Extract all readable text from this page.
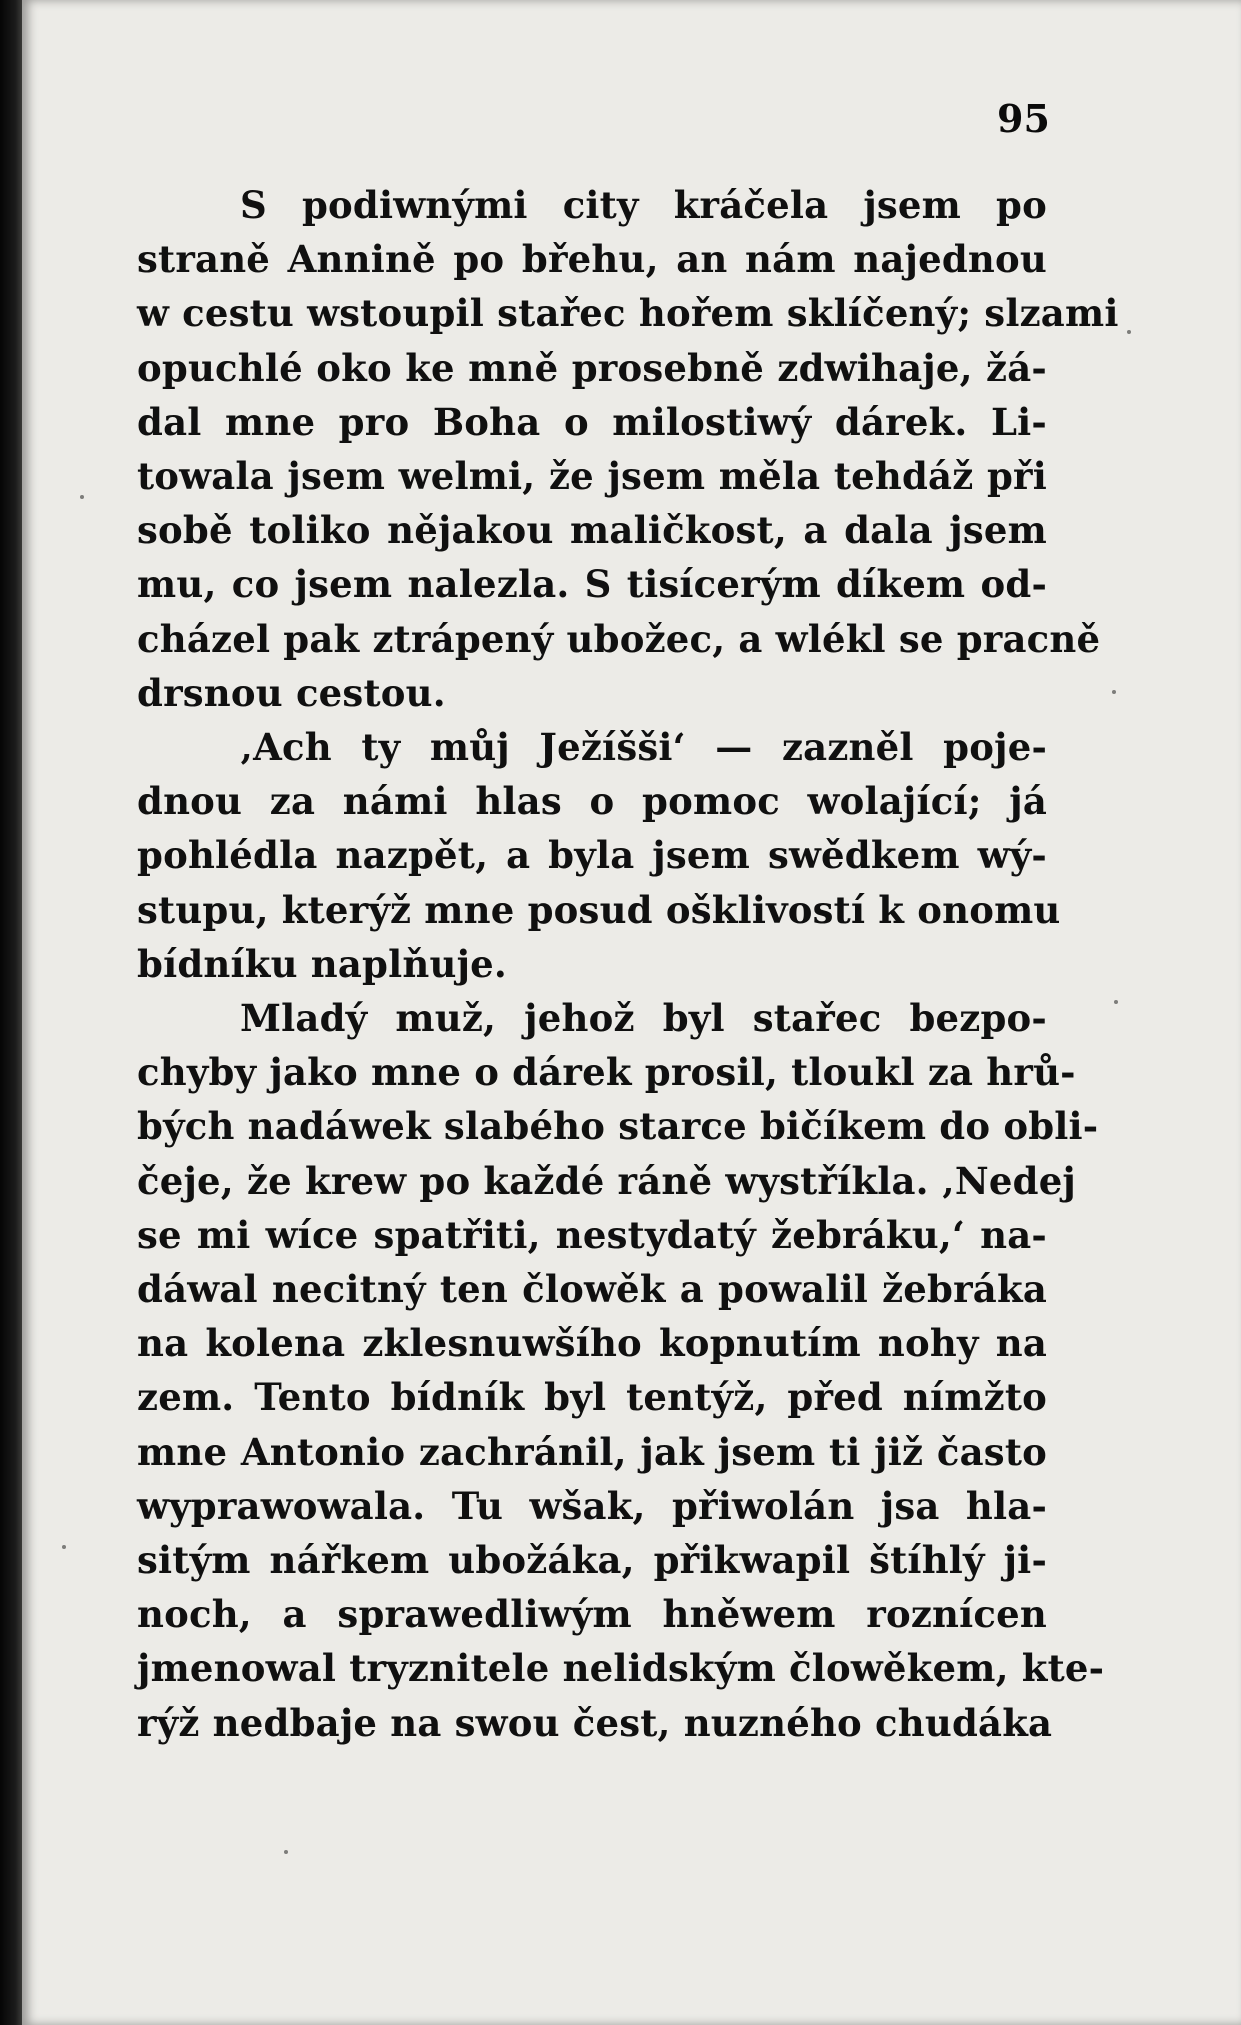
95
S podiwnými city kráčela jsem po
straně Annině po břehu, an nám najednou
w cestu wstoupil stařec hořem sklíčený; slzami
opuchlé oko ke mně prosebně zdwihaje, žá-
dal mne pro Boha o milostiwý dárek. Li-
towala jsem welmi, že jsem měla tehdáž při
sobě toliko nějakou maličkost, a dala jsem
mu, co jsem nalezla. S tisícerým díkem od-
cházel pak ztrápený ubožec, a wlékl se pracně
drsnou cestou.
‚Ach ty můj Ježíšši‘ — zazněl poje-
dnou za námi hlas o pomoc wolající; já
pohlédla nazpět, a byla jsem swědkem wý-
stupu, kterýž mne posud ošklivostí k onomu
bídníku naplňuje.
Mladý muž, jehož byl stařec bezpo-
chyby jako mne o dárek prosil, tloukl za hrů-
bých nadáwek slabého starce bičíkem do obli-
čeje, že krew po každé ráně wystříkla. ‚Nedej
se mi wíce spatřiti, nestydatý žebráku,‘ na-
dáwal necitný ten člowěk a powalil žebráka
na kolena zklesnuwšího kopnutím nohy na
zem. Tento bídník byl tentýž, před nímžto
mne Antonio zachránil, jak jsem ti již často
wyprawowala. Tu wšak, přiwolán jsa hla-
sitým nářkem ubožáka, přikwapil štíhlý ji-
noch, a sprawedliwým hněwem roznícen
jmenowal tryznitele nelidským člowěkem, kte-
rýž nedbaje na swou čest, nuzného chudáka
